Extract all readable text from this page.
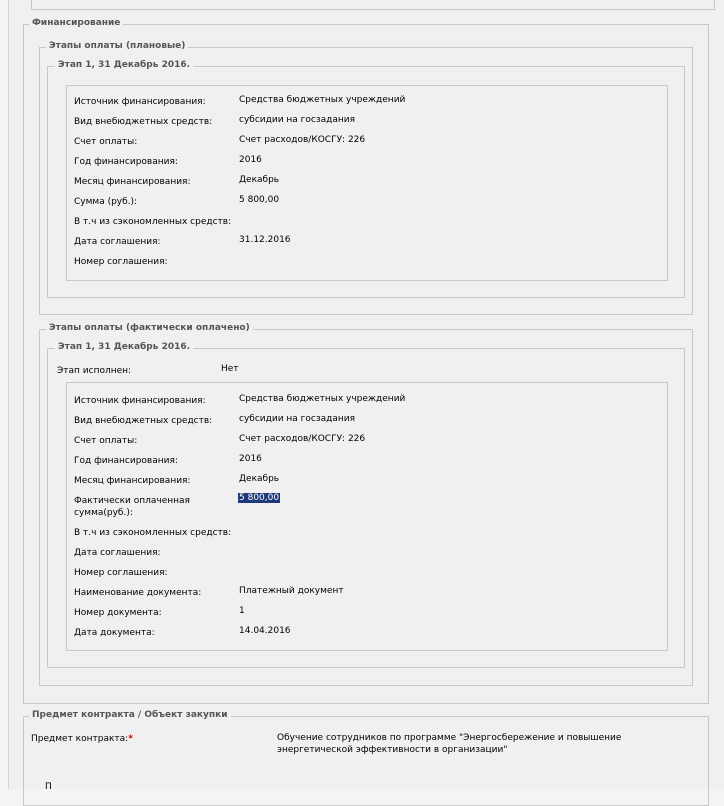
Финансирование
Этапы оплаты (плановые)
Этап 1, 31 Декабрь 2016.
Источник финансирования:	Средства бюджетных учреждений
Вид внебюджетных средств:	субсидии на госзадания
Счет оплаты:	Счет расходов/КОСГУ: 226
Год финансирования:	2016
Месяц финансирования:	Декабрь
Сумма (руб.):	5 800,00
В т.ч из сэкономленных средств:
Дата соглашения:	31.12.2016
Номер соглашения:
Этапы оплаты (фактически оплачено)
Этап 1, 31 Декабрь 2016.
Этап исполнен:	Нет
Источник финансирования:	Средства бюджетных учреждений
Вид внебюджетных средств:	субсидии на госзадания
Счет оплаты:	Счет расходов/КОСГУ: 226
Год финансирования:	2016
Месяц финансирования:	Декабрь
Фактически оплаченная
сумма(руб.):
5 800,00
В т.ч из сэкономленных средств:
Дата соглашения:
Номер соглашения:
Наименование документа:	Платежный документ
Номер документа:	1
Дата документа:	14.04.2016
Предмет контракта / Объект закупки
Предмет контракта:*	Обучение сотрудников по программе "Энергосбережение и повышение
энергетической эффективности в организации"
П
